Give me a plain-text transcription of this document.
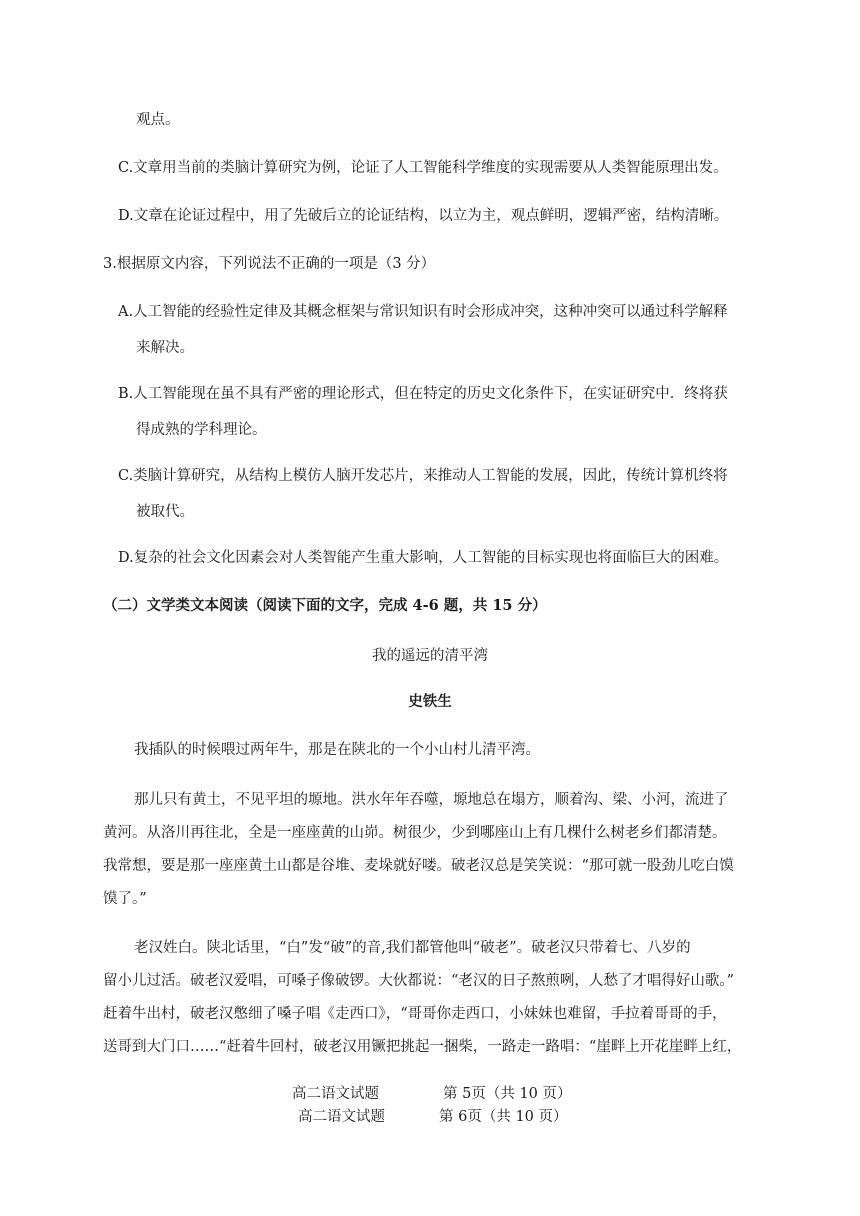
观点。
C.文章用当前的类脑计算研究为例，论证了人工智能科学维度的实现需要从人类智能原理出发。
D.文章在论证过程中，用了先破后立的论证结构，以立为主，观点鲜明，逻辑严密，结构清晰。
3.根据原文内容，下列说法不正确的一项是（3 分）
A.人工智能的经验性定律及其概念框架与常识知识有时会形成冲突，这种冲突可以通过科学解释
来解决。
B.人工智能现在虽不具有严密的理论形式，但在特定的历史文化条件下，在实证研究中．终将获
得成熟的学科理论。
C.类脑计算研究，从结构上模仿人脑开发芯片，来推动人工智能的发展，因此，传统计算机终将
被取代。
D.复杂的社会文化因素会对人类智能产生重大影响，人工智能的目标实现也将面临巨大的困难。
（二）文学类文本阅读（阅读下面的文字，完成 4-6 题，共 15 分）
我的遥远的清平湾
史铁生
我插队的时候喂过两年牛，那是在陕北的一个小山村儿清平湾。
那儿只有黄土，不见平坦的塬地。洪水年年吞噬，塬地总在塌方，顺着沟、梁、小河，流进了
黄河。从洛川再往北，全是一座座黄的山峁。树很少，少到哪座山上有几棵什么树老乡们都清楚。
我常想，要是那一座座黄土山都是谷堆、麦垛就好喽。破老汉总是笑笑说：“那可就一股劲儿吃白馍
馍了。”
老汉姓白。陕北话里，“白”发“破”的音,我们都管他叫“破老”。破老汉只带着七、八岁的
留小儿过活。破老汉爱唱，可嗓子像破锣。大伙都说：“老汉的日子熬煎咧，人愁了才唱得好山歌。”
赶着牛出村，破老汉憋细了嗓子唱《走西口》，“哥哥你走西口，小妹妹也难留，手拉着哥哥的手，
送哥到大门口……“赶着牛回村，破老汉用镢把挑起一捆柴，一路走一路唱：“崖畔上开花崖畔上红，
高二语文试题	第 5页（共 10 页）
高二语文试题	第 6页（共 10 页）
